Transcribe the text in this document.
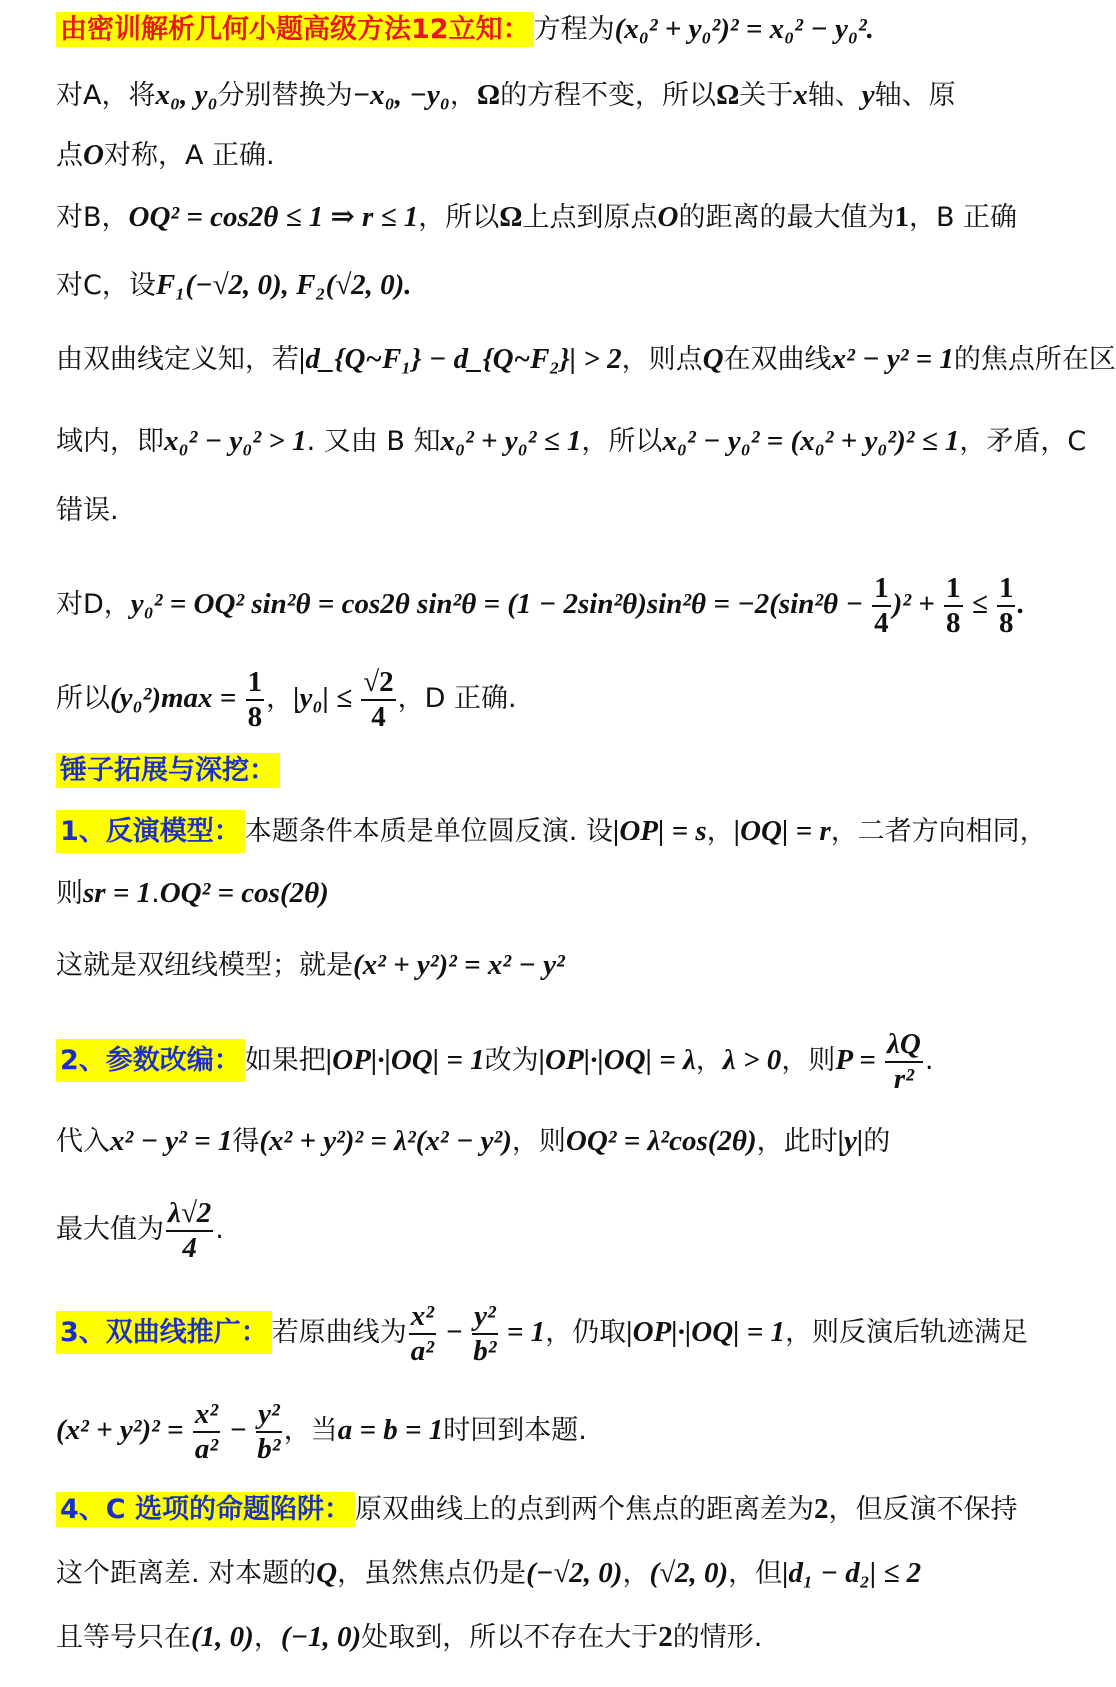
由密训解析几何小题高级方法12立知： 方程为(x₀² + y₀²)² = x₀² − y₀².
对A，将x₀, y₀分别替换为−x₀, −y₀，Ω的方程不变，所以Ω关于x轴、y轴、原
点O对称，A 正确.
对B，OQ² = cos2θ ≤ 1 ⇒ r ≤ 1，所以Ω上点到原点O的距离的最大值为1，B 正确
对C，设F₁(−√2, 0), F₂(√2, 0).
由双曲线定义知，若|d_{Q~F₁} − d_{Q~F₂}| > 2，则点Q在双曲线x² − y² = 1的焦点所在区
域内，即x₀² − y₀² > 1. 又由 B 知x₀² + y₀² ≤ 1，所以x₀² − y₀² = (x₀² + y₀²)² ≤ 1，矛盾，C
错误.
对D，y₀² = OQ² sin²θ = cos2θ $\sin^2\theta = (1 - 2\sin^2\theta)\sin^2\theta = -2(\sin^2\theta - \frac{1}{4} )^2 + \frac{1}{8} \le \frac{1}{8}$ .
所以$(y_0^2)\max = \frac{1}{8}$ ，$|y_0| \le \frac{√2}{4}$ ，D 正确.
锤子拓展与深挖：
1、反演模型： 本题条件本质是单位圆反演. 设|OP| = s，|OQ| = r，二者方向相同，
则sr = 1.OQ² = cos(2θ)
这就是双纽线模型；就是(x² + y²)² = x² − y²
2、参数改编： 如果把|OP|·|OQ| = 1改为|OP|·|OQ| = λ，λ > 0，则$P = \frac{\lambda Q}{\text{r²}}$ .
代入x² − y² = 1得(x² + y²)² = λ²(x² − y²)，则OQ² = λ²cos(2θ)，此时|y|的
最大值为 $\frac{\lambda√2}{4}$ .
3、双曲线推广： 若原曲线为 $\frac{\text{x²}}{\text{a²}} - \frac{\text{y²}}{\text{b²}} = 1$，仍取|OP|·|OQ| = 1，则反演后轨迹满足
$(x^2 + y^2)^2 = \frac{\text{x²}}{\text{a²}} - \frac{\text{y²}}{\text{b²}}$ ，当a = b = 1时回到本题.
4、C 选项的命题陷阱： 原双曲线上的点到两个焦点的距离差为2，但反演不保持
这个距离差. 对本题的Q，虽然焦点仍是(−√2, 0)，(√2, 0)，但|d₁ − d₂| ≤ 2
且等号只在(1, 0)，(−1, 0)处取到，所以不存在大于2的情形.
